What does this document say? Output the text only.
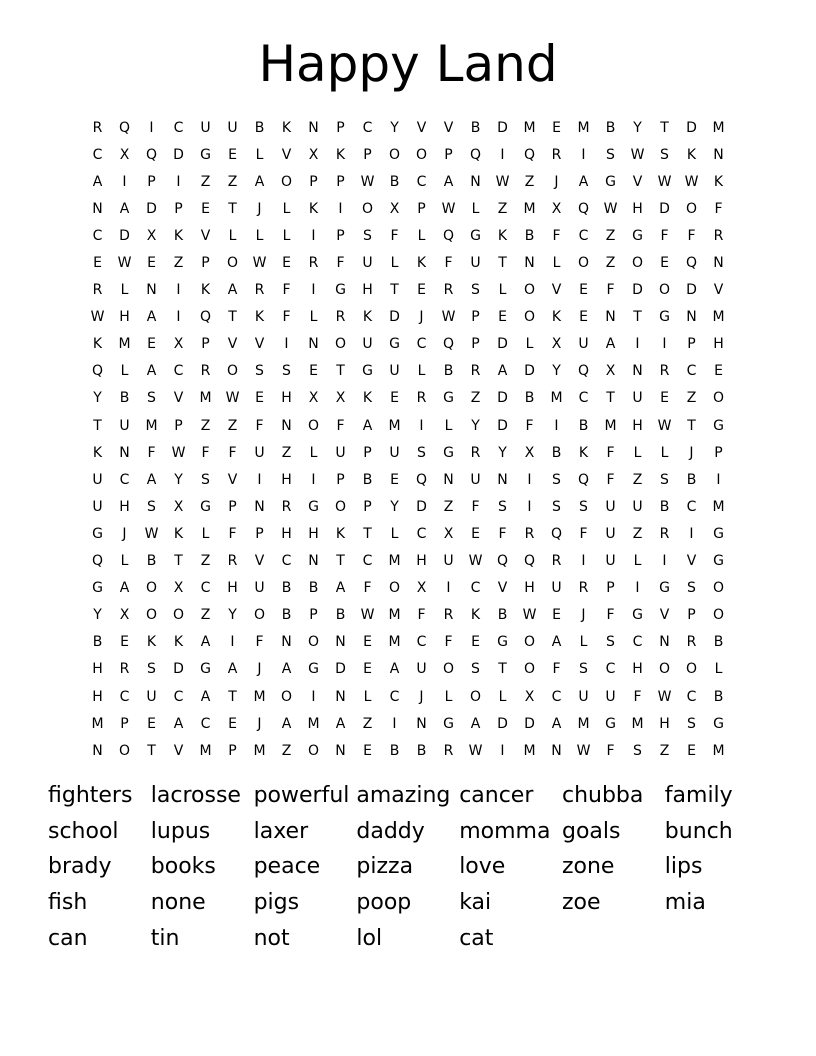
Happy Land
R	Q	I	C	U	U	B	K	N	P	C	Y	V	V	B	D	M	E	M	B	Y	T	D	M
C	X	Q	D	G	E	L	V	X	K	P	O	O	P	Q	I	Q	R	I	S	W	S	K	N
A	I	P	I	Z	Z	A	O	P	P	W	B	C	A	N	W	Z	J	A	G	V	W W	K
N	A	D	P	E	T	J	L	K	I	O	X	P	W	L	Z	M	X	Q	W	H	D	O	F
C	D	X	K	V	L	L	L	I	P	S	F	L	Q	G	K	B	F	C	Z	G	F	F	R
E	W	E	Z	P	O	W	E	R	F	U	L	K	F	U	T	N	L	O	Z	O	E	Q	N
R	L	N	I	K	A	R	F	I	G	H	T	E	R	S	L	O	V	E	F	D	O	D	V
W	H	A	I	Q	T	K	F	L	R	K	D	J	W	P	E	O	K	E	N	T	G	N	M
K	M	E	X	P	V	V	I	N	O	U	G	C	Q	P	D	L	X	U	A	I	I	P	H
Q	L	A	C	R	O	S	S	E	T	G	U	L	B	R	A	D	Y	Q	X	N	R	C	E
Y	B	S	V	M	W	E	H	X	X	K	E	R	G	Z	D	B	M	C	T	U	E	Z	O
T	U	M	P	Z	Z	F	N	O	F	A	M	I	L	Y	D	F	I	B	M	H	W	T	G
K	N	F	W	F	F	U	Z	L	U	P	U	S	G	R	Y	X	B	K	F	L	L	J	P
U	C	A	Y	S	V	I	H	I	P	B	E	Q	N	U	N	I	S	Q	F	Z	S	B	I
U	H	S	X	G	P	N	R	G	O	P	Y	D	Z	F	S	I	S	S	U	U	B	C	M
G	J	W	K	L	F	P	H	H	K	T	L	C	X	E	F	R	Q	F	U	Z	R	I	G
Q	L	B	T	Z	R	V	C	N	T	C	M	H	U	W	Q	Q	R	I	U	L	I	V	G
G	A	O	X	C	H	U	B	B	A	F	O	X	I	C	V	H	U	R	P	I	G	S	O
Y	X	O	O	Z	Y	O	B	P	B	W	M	F	R	K	B	W	E	J	F	G	V	P	O
B	E	K	K	A	I	F	N	O	N	E	M	C	F	E	G	O	A	L	S	C	N	R	B
H	R	S	D	G	A	J	A	G	D	E	A	U	O	S	T	O	F	S	C	H	O	O	L
H	C	U	C	A	T	M	O	I	N	L	C	J	L	O	L	X	C	U	U	F	W	C	B
M	P	E	A	C	E	J	A	M	A	Z	I	N	G	A	D	D	A	M	G	M	H	S	G
N	O	T	V	M	P	M	Z	O	N	E	B	B	R	W	I	M	N	W	F	S	Z	E	M
fighters lacrosse powerful amazing cancer	chubba family
school	lupus	laxer	daddy	momma goals	bunch
brady	books	peace	pizza	love	zone	lips
fish	none	pigs	poop	kai	zoe	mia
can	tin	not	lol	cat
